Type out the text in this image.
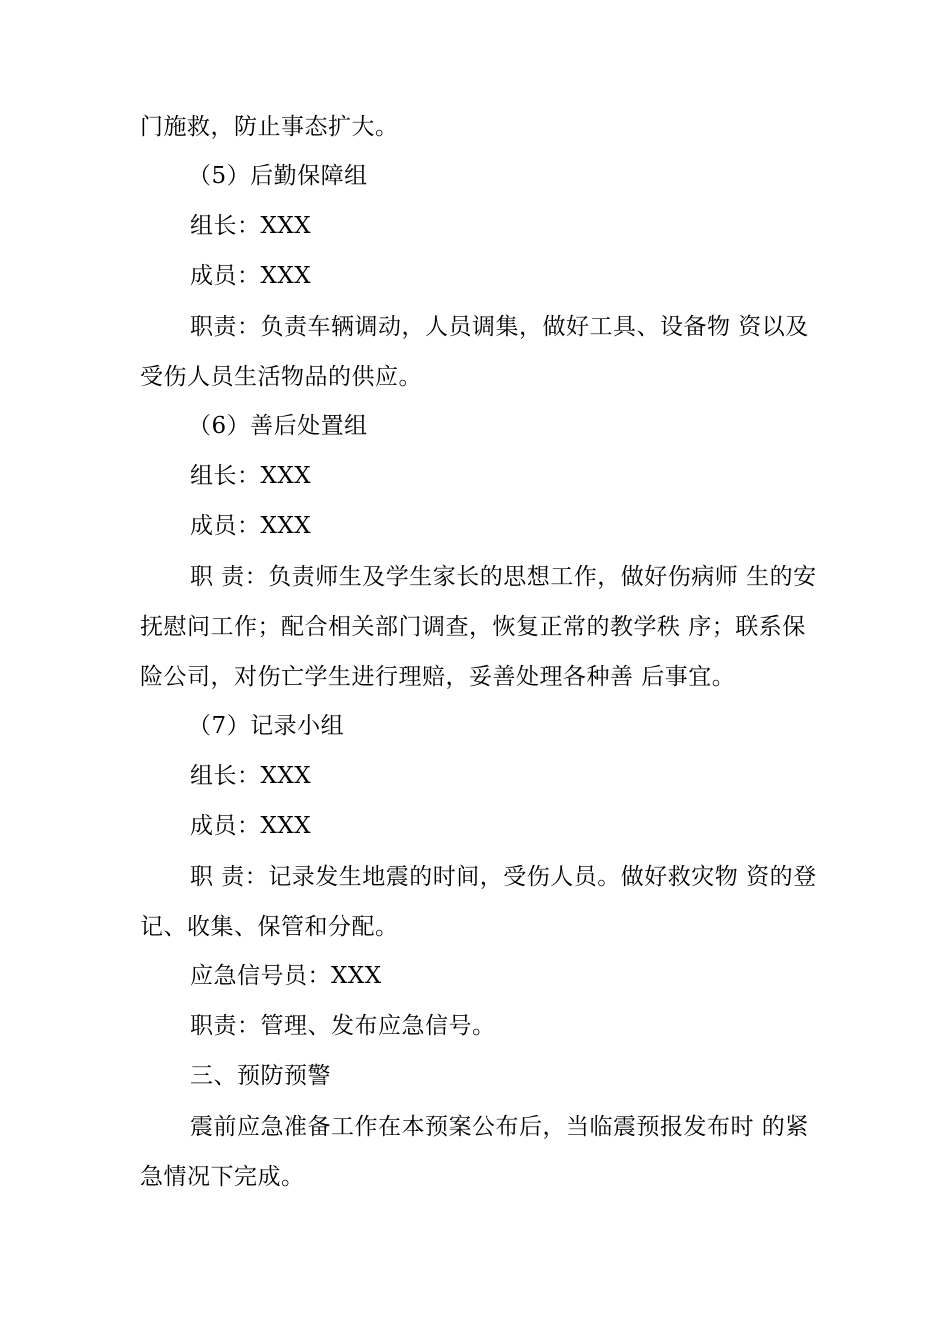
门施救，防止事态扩大。
（5）后勤保障组
组长：XXX
成员：XXX
职责：负责车辆调动，人员调集，做好工具、设备物 资以及
受伤人员生活物品的供应。
（6）善后处置组
组长：XXX
成员：XXX
职 责：负责师生及学生家长的思想工作，做好伤病师 生的安
抚慰问工作；配合相关部门调查，恢复正常的教学秩 序；联系保
险公司，对伤亡学生进行理赔，妥善处理各种善 后事宜。
（7）记录小组
组长：XXX
成员：XXX
职 责：记录发生地震的时间，受伤人员。做好救灾物 资的登
记、收集、保管和分配。
应急信号员：XXX
职责：管理、发布应急信号。
三、预防预警
震前应急准备工作在本预案公布后，当临震预报发布时 的紧
急情况下完成。
